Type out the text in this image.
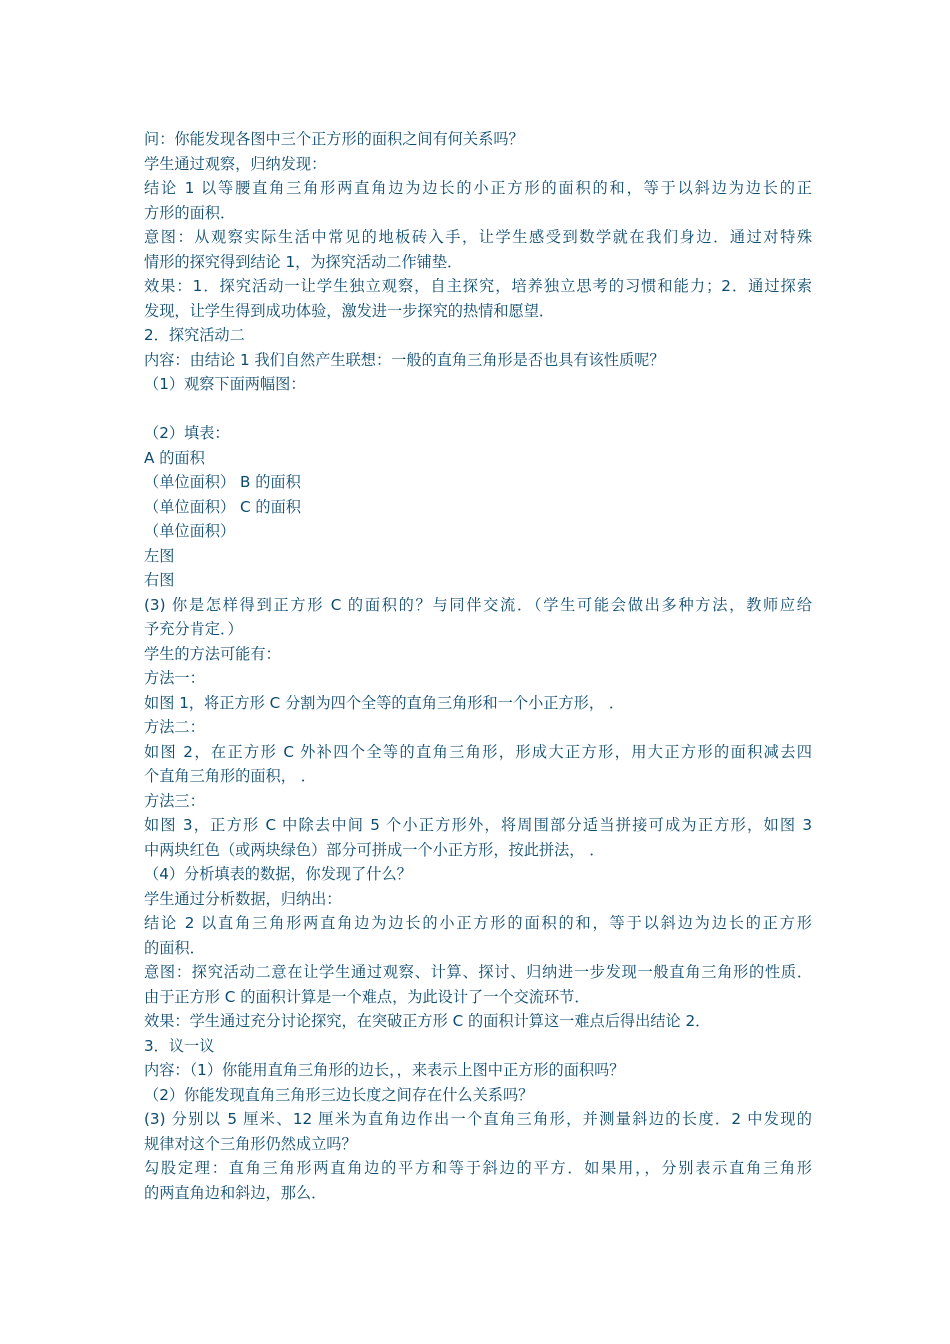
问：你能发现各图中三个正方形的面积之间有何关系吗？
学生通过观察，归纳发现：
结论 1 以等腰直角三角形两直角边为边长的小正方形的面积的和，等于以斜边为边长的正
方形的面积．
意图：从观察实际生活中常见的地板砖入手，让学生感受到数学就在我们身边．通过对特殊
情形的探究得到结论 1，为探究活动二作铺垫．
效果：1．探究活动一让学生独立观察，自主探究，培养独立思考的习惯和能力；2．通过探索
发现，让学生得到成功体验，激发进一步探究的热情和愿望．
2．探究活动二
内容：由结论 1 我们自然产生联想：一般的直角三角形是否也具有该性质呢？
（1）观察下面两幅图：
（2）填表：
A 的面积
（单位面积） B 的面积
（单位面积） C 的面积
（单位面积）
左图
右图
(3) 你是怎样得到正方形 C 的面积的？与同伴交流．（学生可能会做出多种方法，教师应给
予充分肯定．）
学生的方法可能有：
方法一：
如图 1，将正方形 C 分割为四个全等的直角三角形和一个小正方形， ．
方法二：
如图 2，在正方形 C 外补四个全等的直角三角形，形成大正方形，用大正方形的面积减去四
个直角三角形的面积， ．
方法三：
如图 3，正方形 C 中除去中间 5 个小正方形外，将周围部分适当拼接可成为正方形，如图 3
中两块红色（或两块绿色）部分可拼成一个小正方形，按此拼法， ．
（4）分析填表的数据，你发现了什么？
学生通过分析数据，归纳出：
结论 2 以直角三角形两直角边为边长的小正方形的面积的和，等于以斜边为边长的正方形
的面积．
意图：探究活动二意在让学生通过观察、计算、探讨、归纳进一步发现一般直角三角形的性质．
由于正方形 C 的面积计算是一个难点，为此设计了一个交流环节．
效果：学生通过充分讨论探究，在突破正方形 C 的面积计算这一难点后得出结论 2．
3．议一议
内容：（1）你能用直角三角形的边长，，来表示上图中正方形的面积吗？
（2）你能发现直角三角形三边长度之间存在什么关系吗？
(3) 分别以 5 厘米、12 厘米为直角边作出一个直角三角形，并测量斜边的长度．2 中发现的
规律对这个三角形仍然成立吗？
勾股定理：直角三角形两直角边的平方和等于斜边的平方．如果用，，分别表示直角三角形
的两直角边和斜边，那么．
